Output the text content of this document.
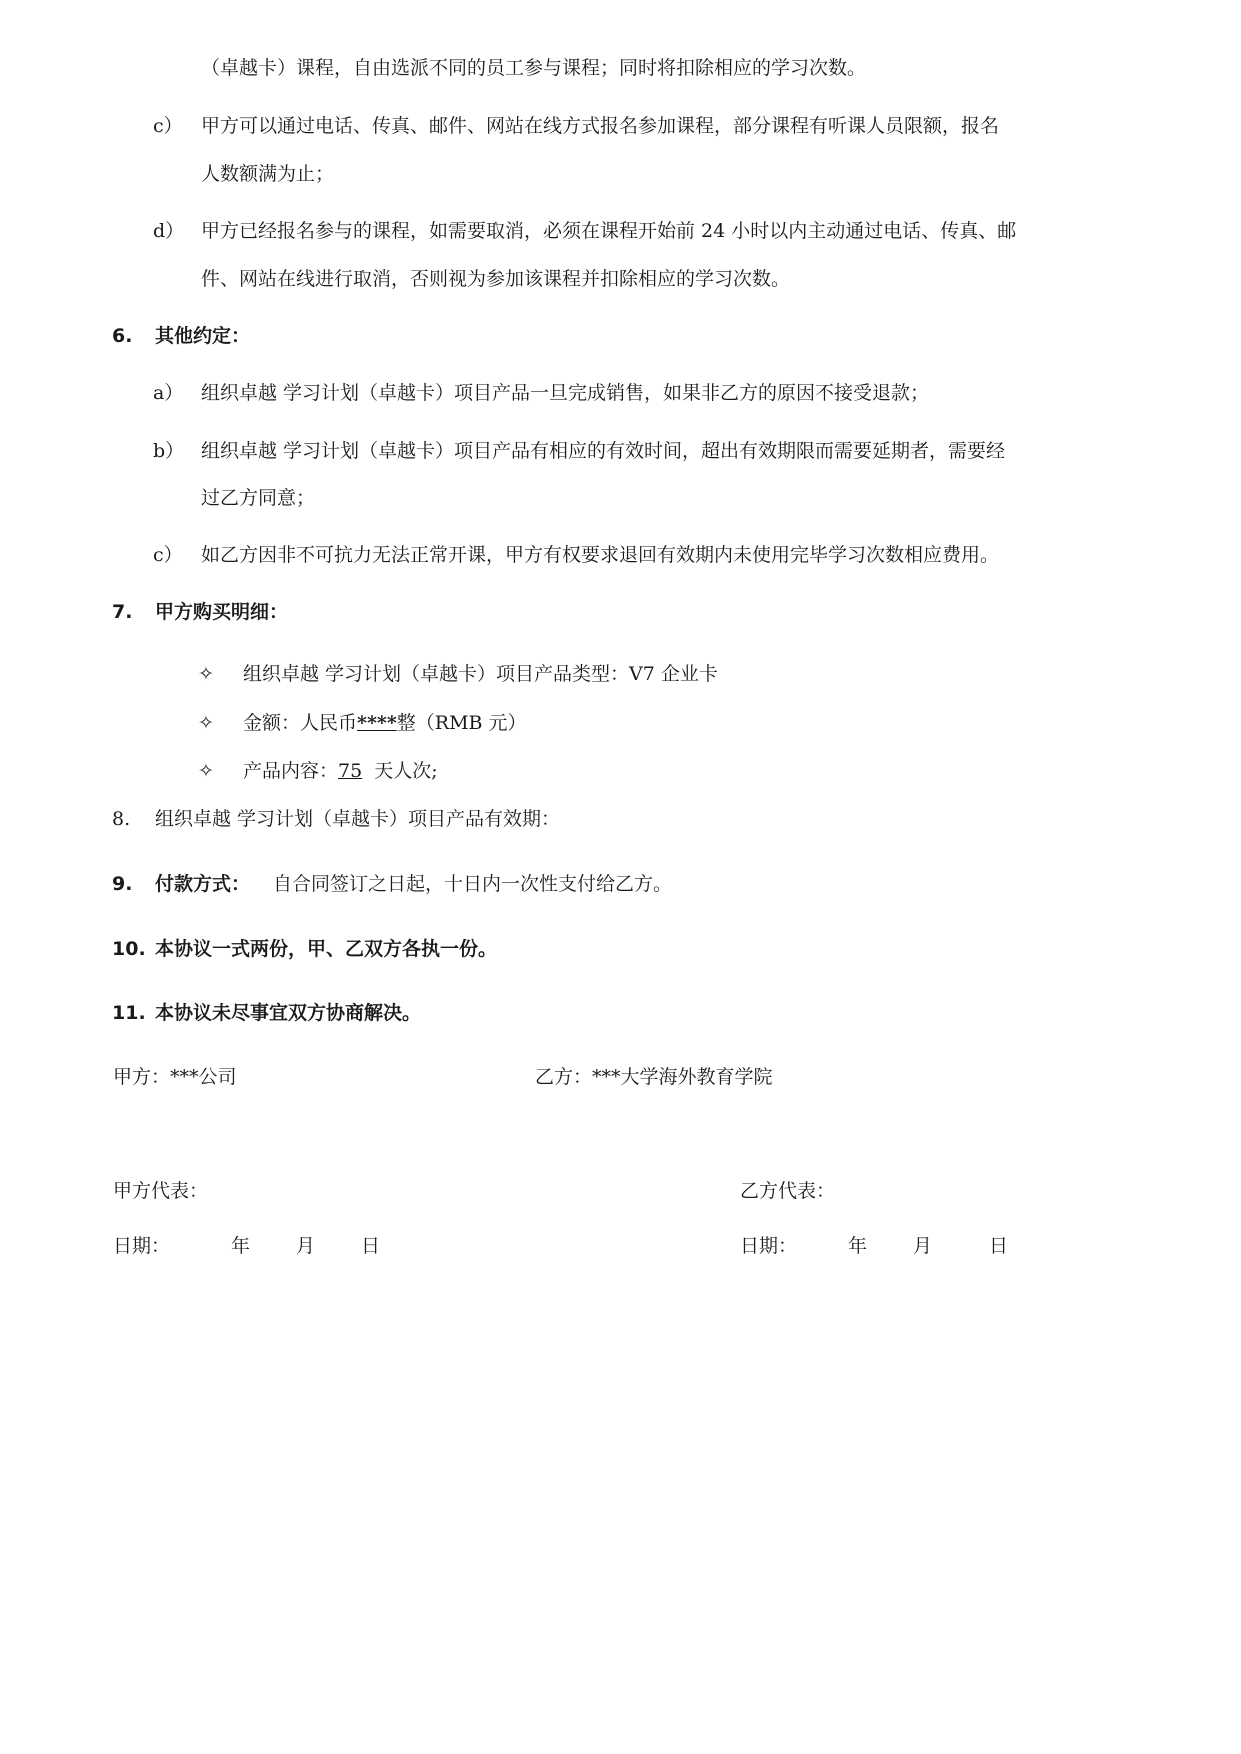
（卓越卡）课程，自由选派不同的员工参与课程；同时将扣除相应的学习次数。
c） 甲方可以通过电话、传真、邮件、网站在线方式报名参加课程，部分课程有听课人员限额，报名
人数额满为止；
d） 甲方已经报名参与的课程，如需要取消，必须在课程开始前 24 小时以内主动通过电话、传真、邮
件、网站在线进行取消，否则视为参加该课程并扣除相应的学习次数。
6. 其他约定：
a） 组织卓越 学习计划（卓越卡）项目产品一旦完成销售，如果非乙方的原因不接受退款；
b） 组织卓越 学习计划（卓越卡）项目产品有相应的有效时间，超出有效期限而需要延期者，需要经
过乙方同意；
c） 如乙方因非不可抗力无法正常开课，甲方有权要求退回有效期内未使用完毕学习次数相应费用。
7. 甲方购买明细：
✧ 组织卓越 学习计划（卓越卡）项目产品类型：V7 企业卡
✧ 金额：人民币****整（RMB 元）
✧ 产品内容：75  天人次;
8. 组织卓越 学习计划（卓越卡）项目产品有效期：
9. 付款方式： 自合同签订之日起，十日内一次性支付给乙方。
10. 本协议一式两份，甲、乙双方各执一份。
11. 本协议未尽事宜双方协商解决。
甲方：***公司	乙方：***大学海外教育学院
甲方代表：	乙方代表：
日期：	年 月 日	日期：	年 月	日
